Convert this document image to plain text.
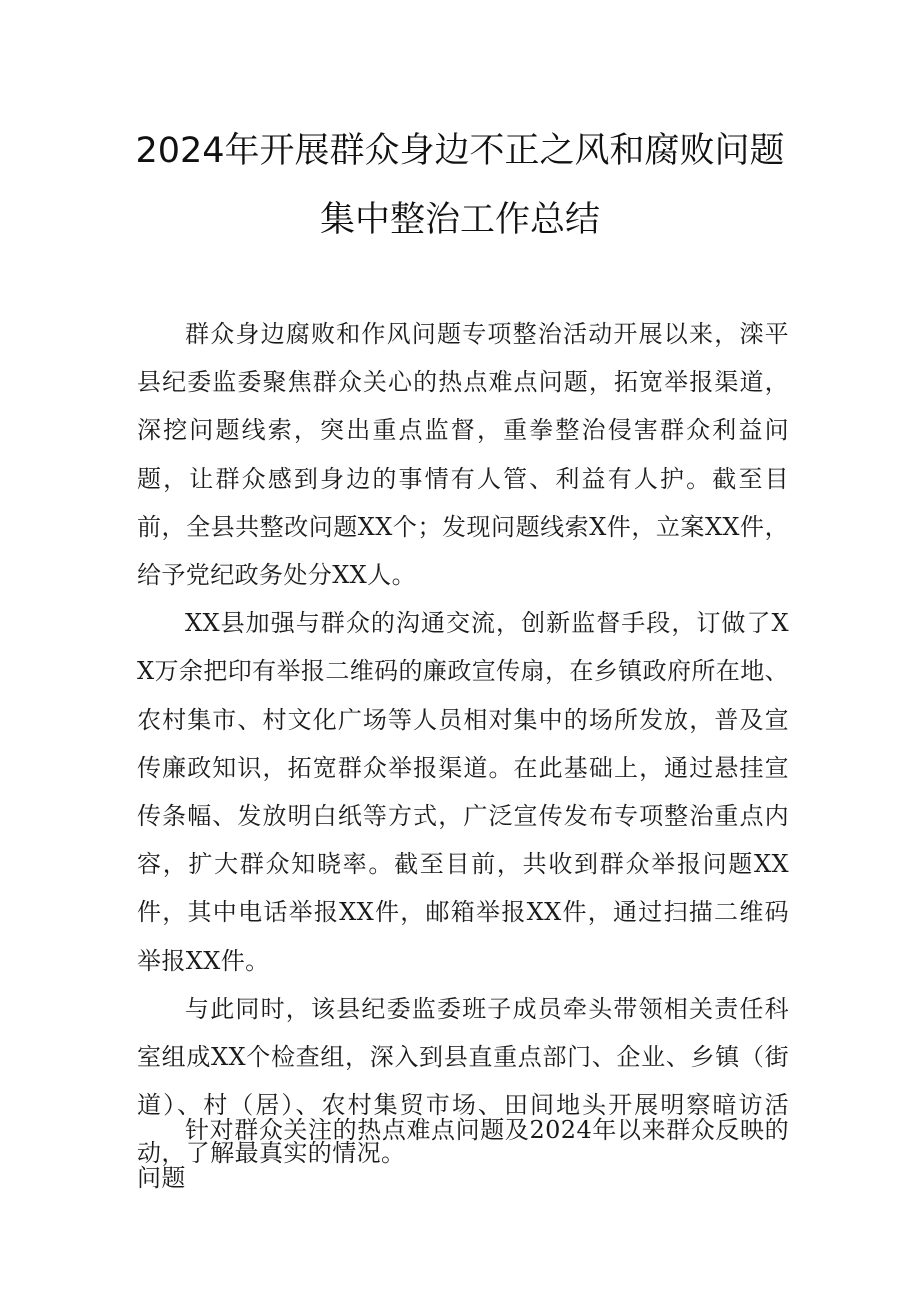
2024年开展群众身边不正之风和腐败问题
集中整治工作总结

群众身边腐败和作风问题专项整治活动开展以来，滦平县纪委监委聚焦群众关心的热点难点问题，拓宽举报渠道，深挖问题线索，突出重点监督，重拳整治侵害群众利益问题，让群众感到身边的事情有人管、利益有人护。截至目前，全县共整改问题XX个；发现问题线索X件，立案XX件，给予党纪政务处分XX人。

XX县加强与群众的沟通交流，创新监督手段，订做了XX万余把印有举报二维码的廉政宣传扇，在乡镇政府所在地、农村集市、村文化广场等人员相对集中的场所发放，普及宣传廉政知识，拓宽群众举报渠道。在此基础上，通过悬挂宣传条幅、发放明白纸等方式，广泛宣传发布专项整治重点内容，扩大群众知晓率。截至目前，共收到群众举报问题XX件，其中电话举报XX件，邮箱举报XX件，通过扫描二维码举报XX件。

与此同时，该县纪委监委班子成员牵头带领相关责任科室组成XX个检查组，深入到县直重点部门、企业、乡镇（街道）、村（居）、农村集贸市场、田间地头开展明察暗访活动，了解最真实的情况。

针对群众关注的热点难点问题及2024年以来群众反映的问题
